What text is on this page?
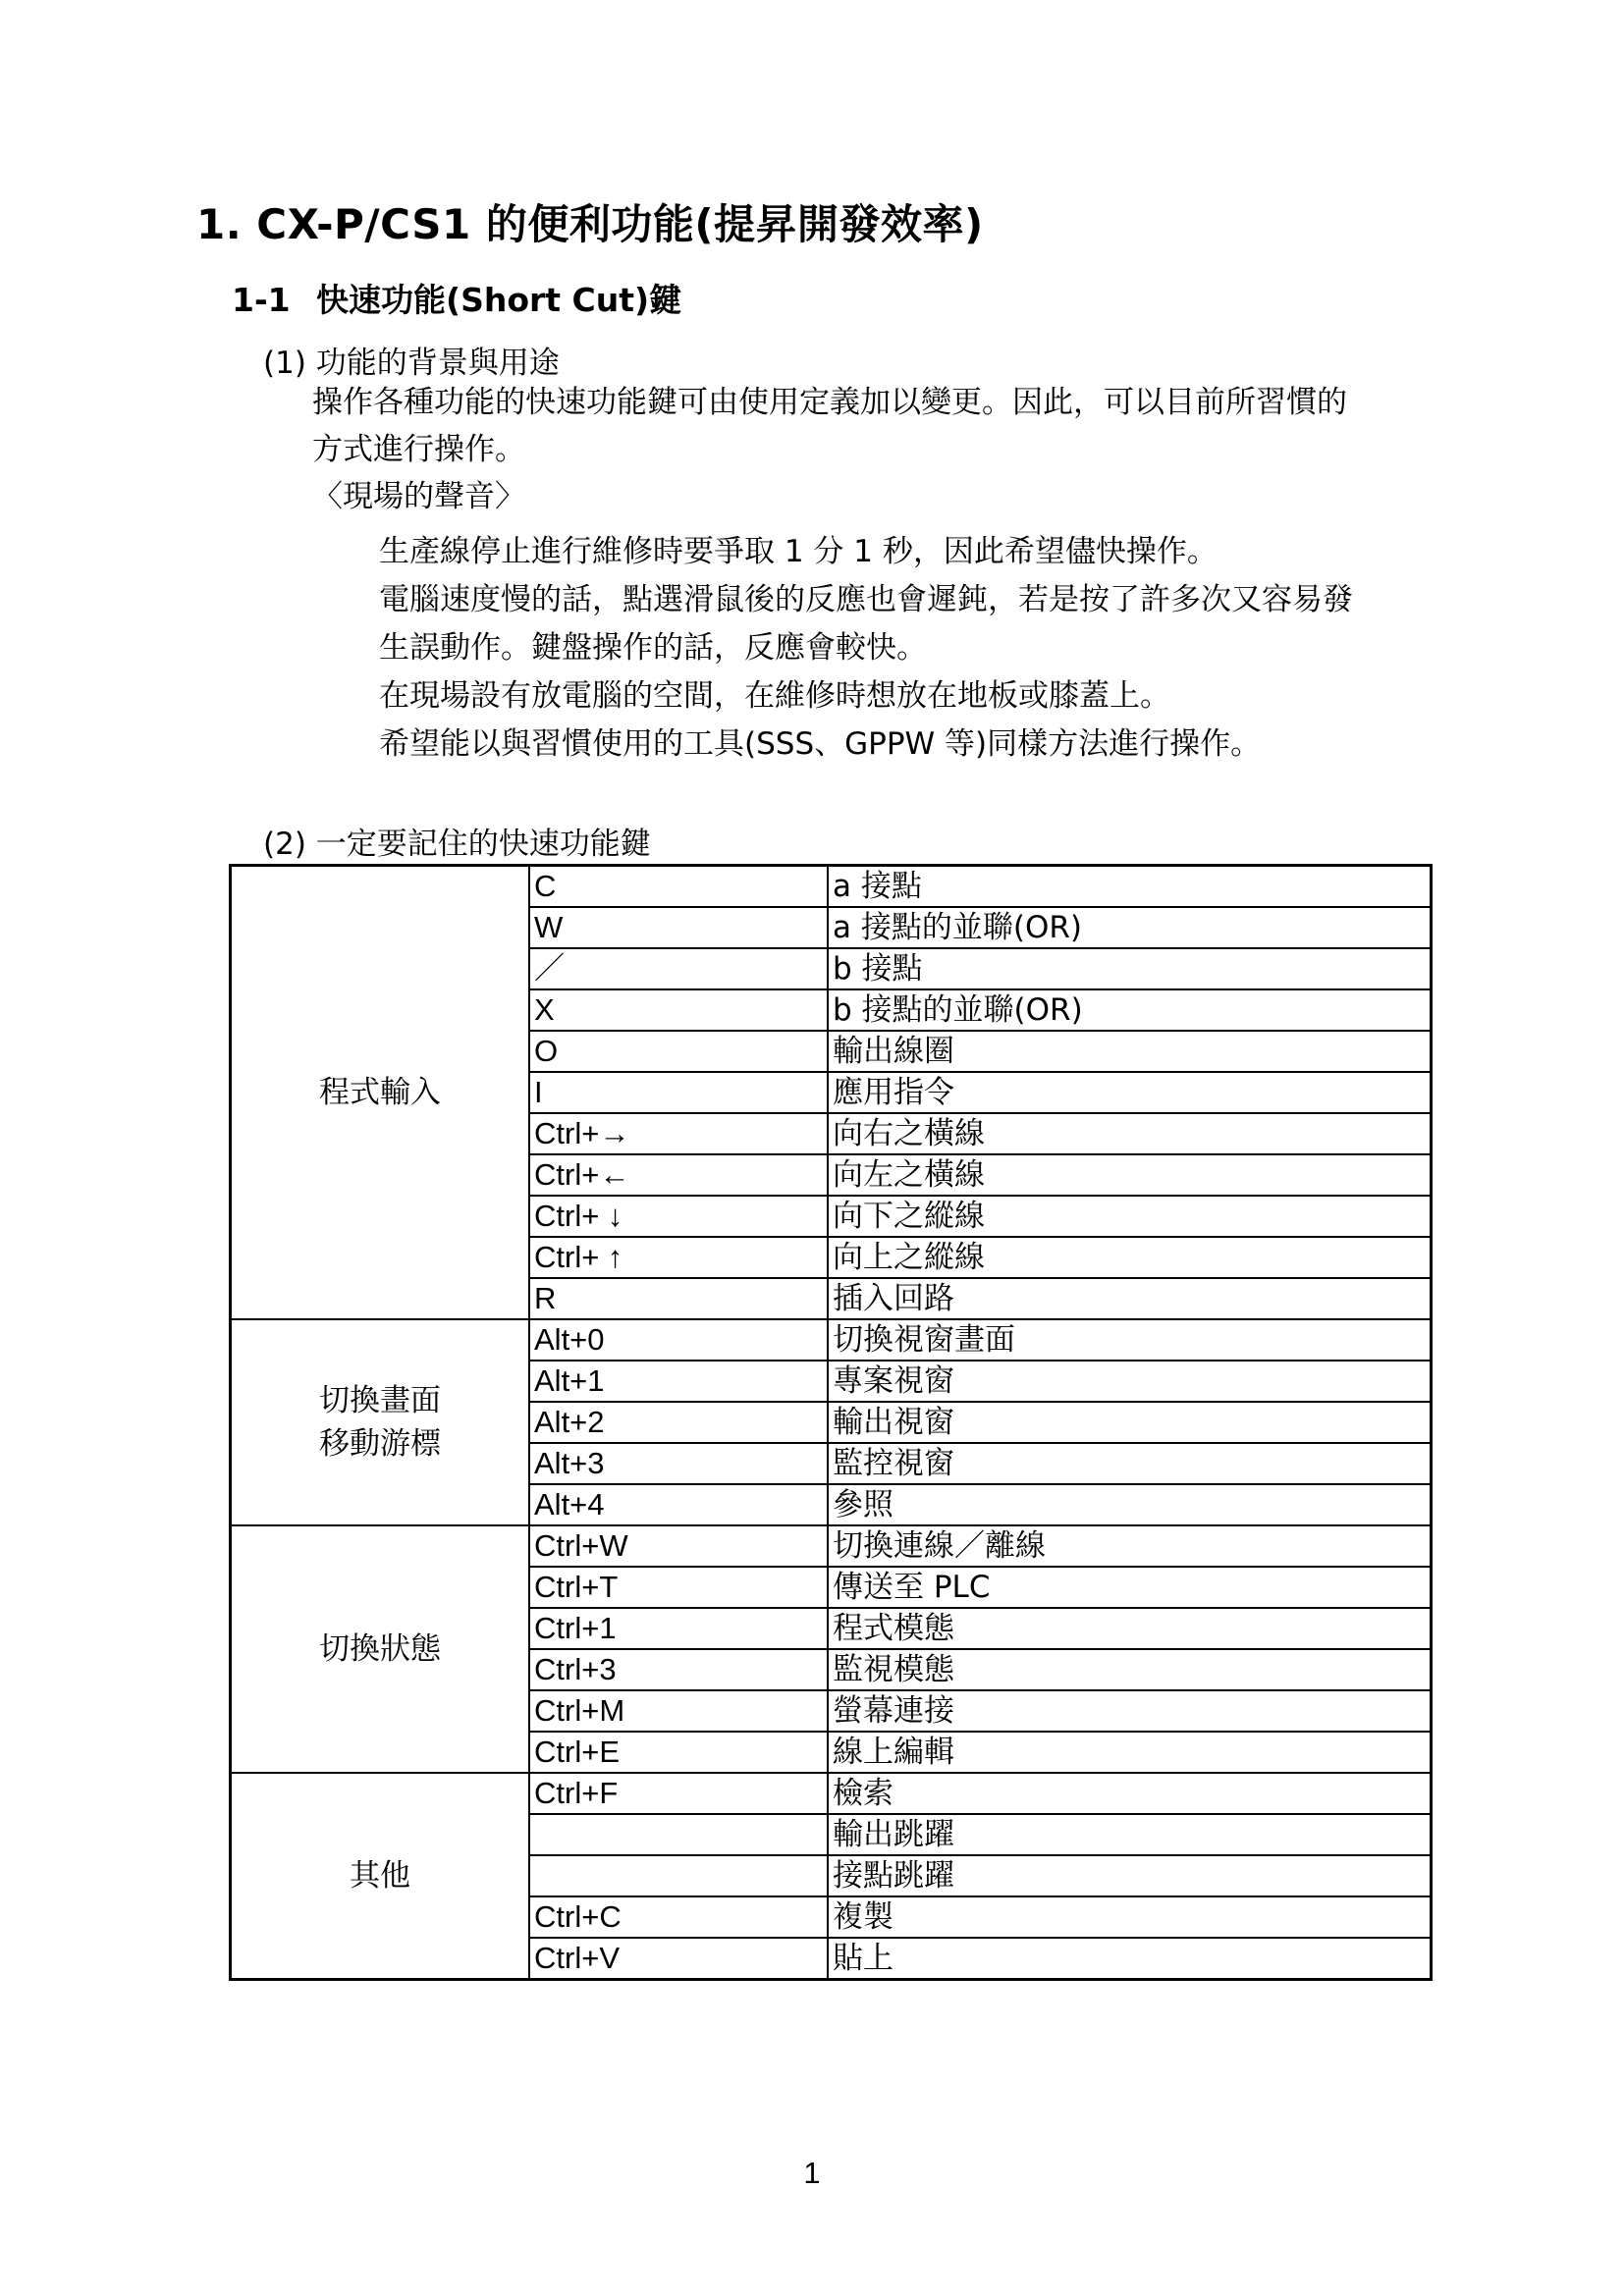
1. CX-P/CS1 的便利功能(提昇開發效率)
1-1 快速功能(Short Cut)鍵
(1) 功能的背景與用途
操作各種功能的快速功能鍵可由使用定義加以變更。因此，可以目前所習慣的
方式進行操作。
〈現場的聲音〉
生產線停止進行維修時要爭取 1 分 1 秒，因此希望儘快操作。
電腦速度慢的話，點選滑鼠後的反應也會遲鈍，若是按了許多次又容易發
生誤動作。鍵盤操作的話，反應會較快。
在現場設有放電腦的空間，在維修時想放在地板或膝蓋上。
希望能以與習慣使用的工具(SSS、GPPW 等)同樣方法進行操作。
(2) 一定要記住的快速功能鍵
程式輸入	C	a 接點
	W	a 接點的並聯(OR)
	／	b 接點
	X	b 接點的並聯(OR)
	O	輸出線圈
	I	應用指令
	Ctrl+→	向右之橫線
	Ctrl+←	向左之橫線
	Ctrl+ ↓	向下之縱線
	Ctrl+ ↑	向上之縱線
	R	插入回路
切換畫面
移動游標	Alt+0	切換視窗畫面
	Alt+1	專案視窗
	Alt+2	輸出視窗
	Alt+3	監控視窗
	Alt+4	參照
切換狀態	Ctrl+W	切換連線／離線
	Ctrl+T	傳送至 PLC
	Ctrl+1	程式模態
	Ctrl+3	監視模態
	Ctrl+M	螢幕連接
	Ctrl+E	線上編輯
其他	Ctrl+F	檢索
		輸出跳躍
		接點跳躍
	Ctrl+C	複製
	Ctrl+V	貼上
1
